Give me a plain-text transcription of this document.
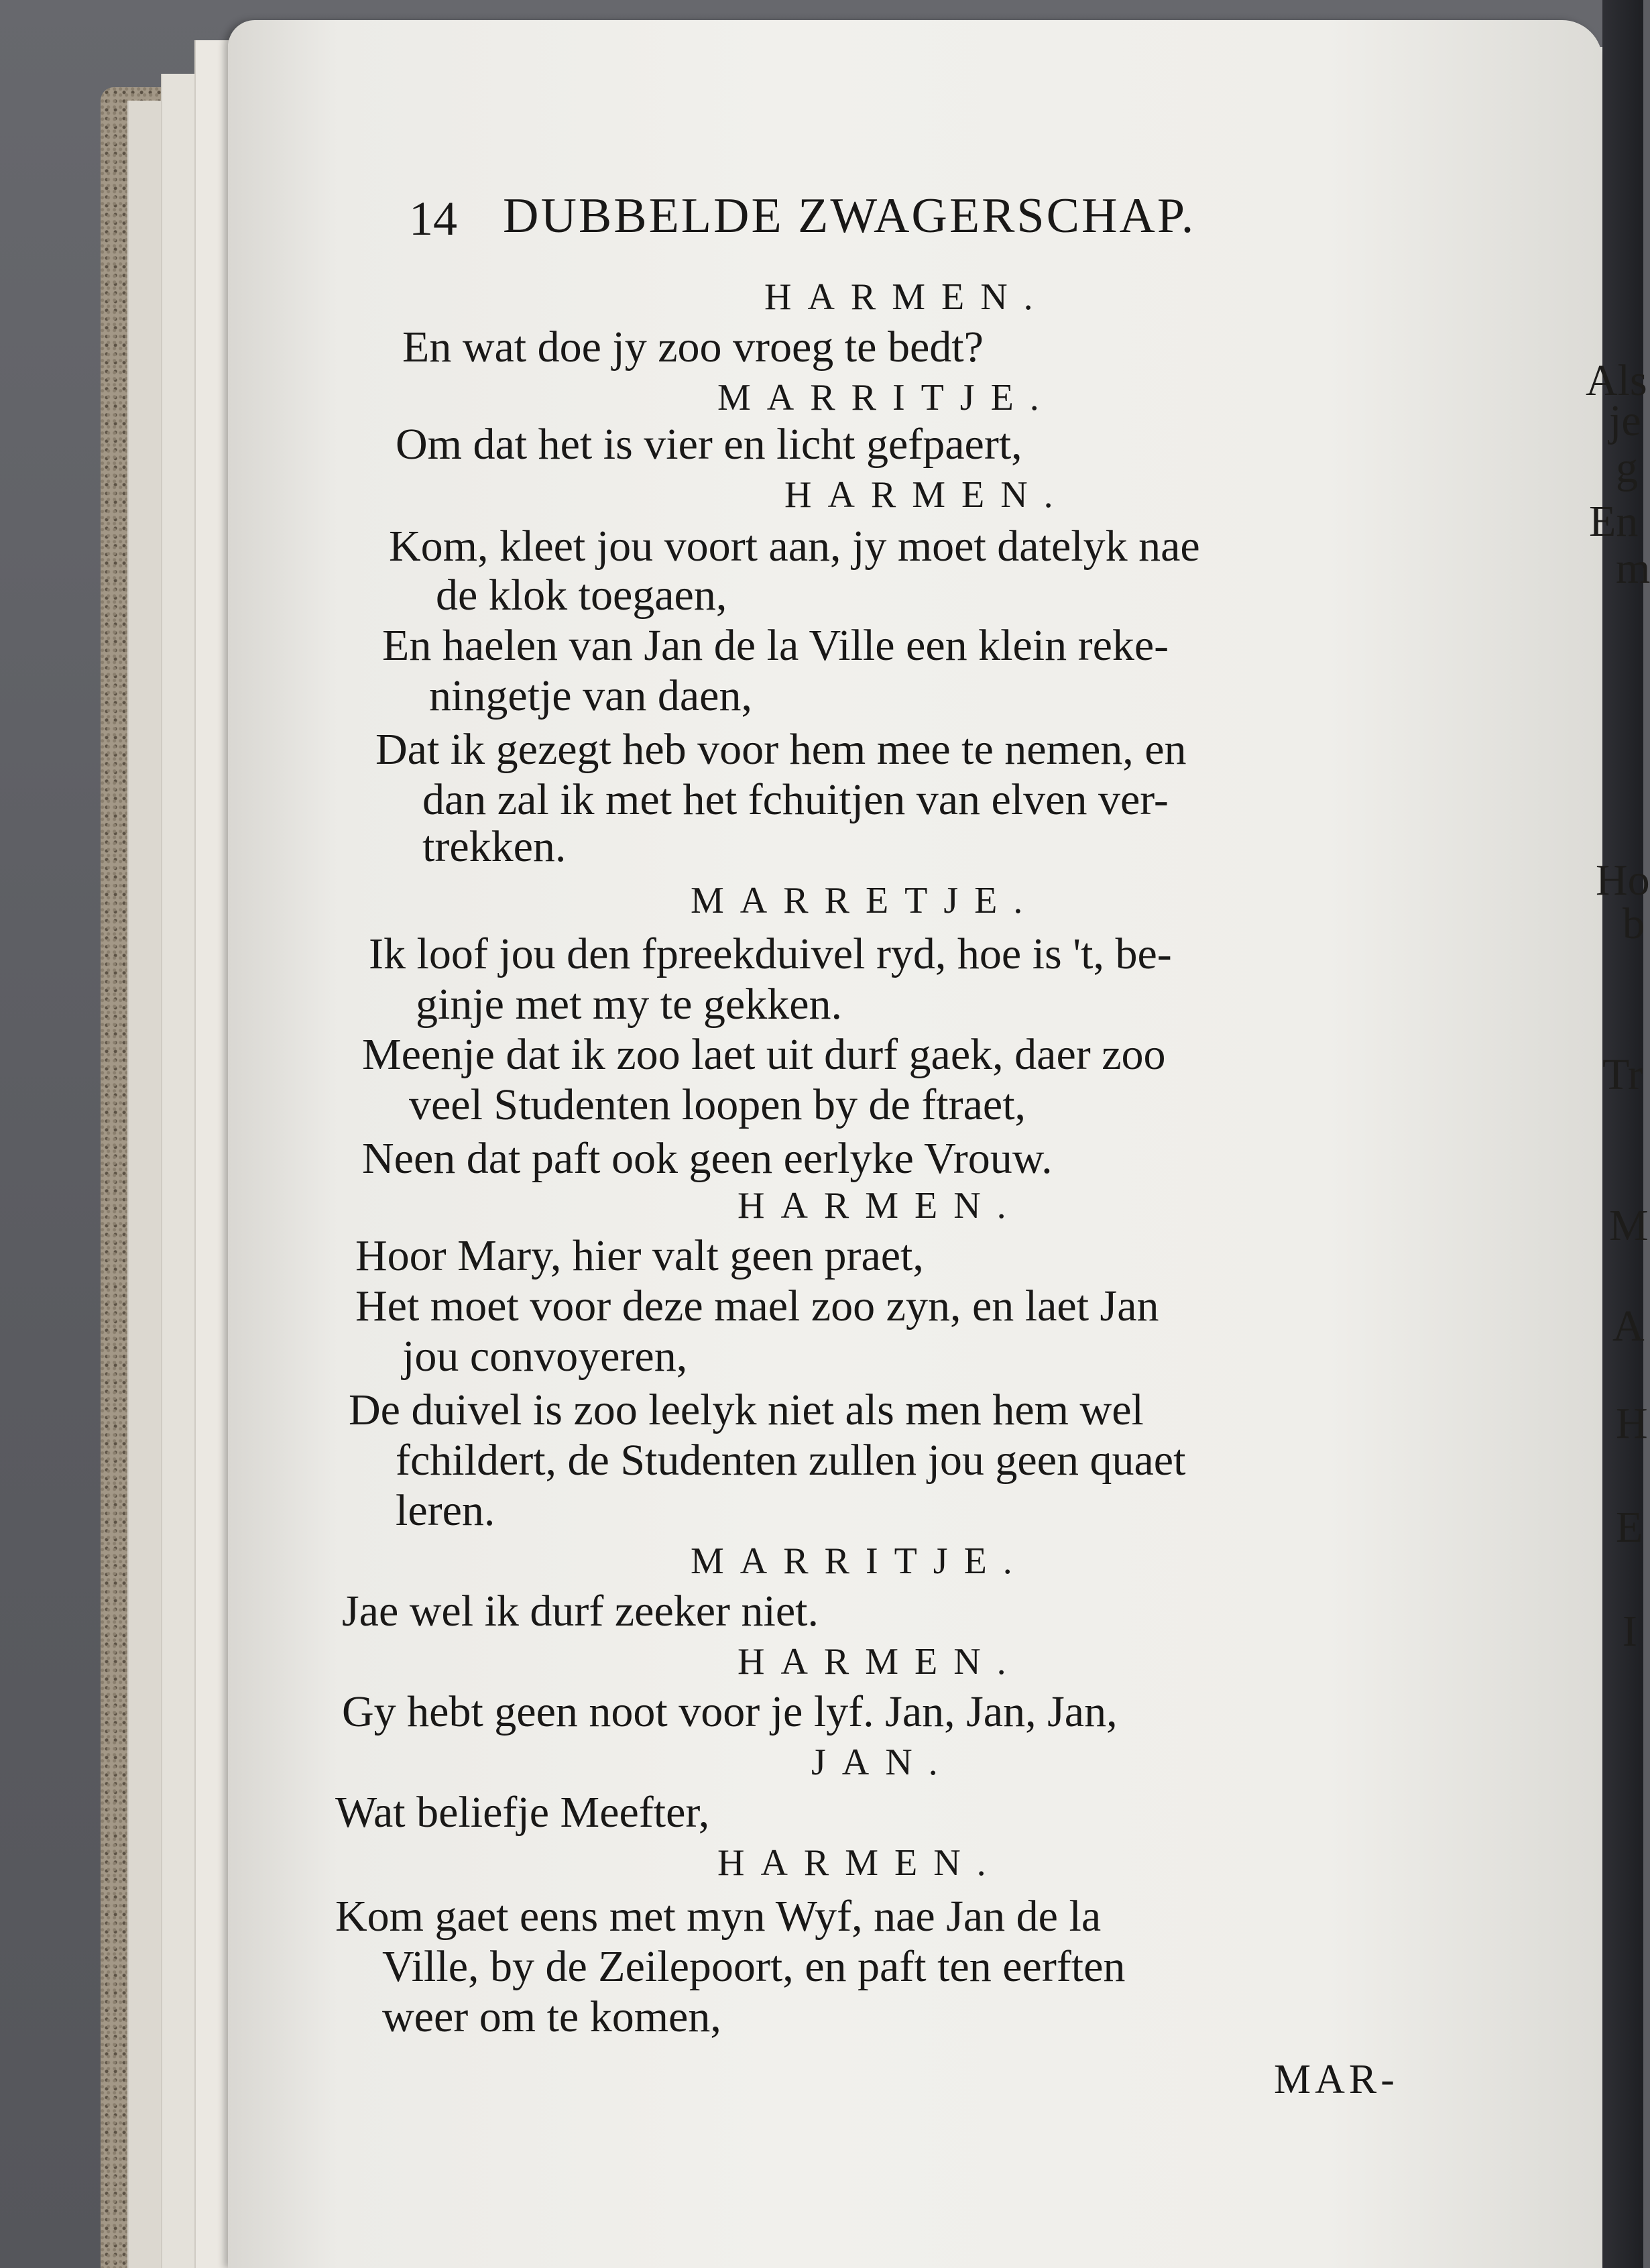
14 DUBBELDE ZWAGERSCHAP.
HARMEN.
En wat doe jy zoo vroeg te bedt?
MARRITJE.
Om dat het is vier en licht gefpaert,
HARMEN.
Kom, kleet jou voort aan, jy moet datelyk nae
de klok toegaen,
En haelen van Jan de la Ville een klein reke-
ningetje van daen,
Dat ik gezegt heb voor hem mee te nemen, en
dan zal ik met het fchuitjen van elven ver-
trekken.
MARRETJE.
Ik loof jou den fpreekduivel ryd, hoe is 't, be-
ginje met my te gekken.
Meenje dat ik zoo laet uit durf gaek, daer zoo
veel Studenten loopen by de ftraet,
Neen dat paft ook geen eerlyke Vrouw.
HARMEN.
Hoor Mary, hier valt geen praet,
Het moet voor deze mael zoo zyn, en laet Jan
jou convoyeren,
De duivel is zoo leelyk niet als men hem wel
fchildert, de Studenten zullen jou geen quaet
leren.
MARRITJE.
Jae wel ik durf zeeker niet.
HARMEN.
Gy hebt geen noot voor je lyf. Jan, Jan, Jan,
JAN.
Wat beliefje Meefter,
HARMEN.
Kom gaet eens met myn Wyf, nae Jan de la
Ville, by de Zeilepoort, en paft ten eerften
weer om te komen,
MAR-
Als
je
g
En
m
Ho
b
Tr
M
A
H
E
I
